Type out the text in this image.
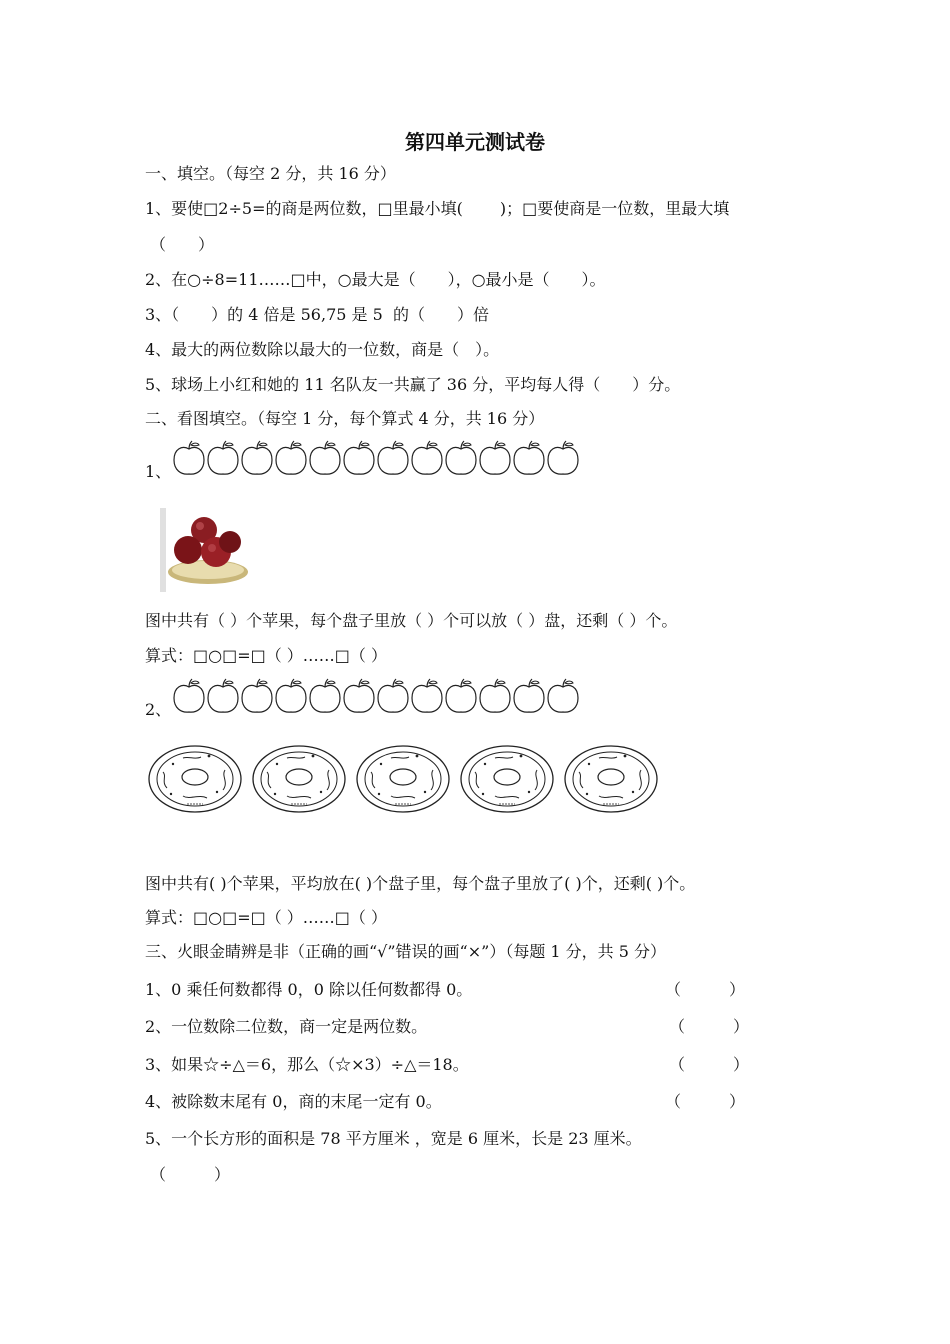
第四单元测试卷
一、填空。（每空 2 分，共 16 分）
1、要使□2÷5=的商是两位数，□里最小填(　　 )；□要使商是一位数，里最大填
（　　）
2、在○÷8=11……□中，○最大是（　　），○最小是（　　）。
3、（　　）的 4 倍是 56,75 是 5  的（　　）倍
4、最大的两位数除以最大的一位数，商是（　）。
5、球场上小红和她的 11 名队友一共赢了 36 分，平均每人得（　　）分。
二、看图填空。（每空 1 分，每个算式 4 分，共 16 分）
1、
图中共有（ ）个苹果，每个盘子里放（ ）个可以放（ ）盘，还剩（ ）个。
算式：□○□=□（ ）……□（ ）
2、
图中共有( )个苹果，平均放在( )个盘子里，每个盘子里放了( )个，还剩( )个。
算式：□○□=□（ ）……□（ ）
三、火眼金睛辨是非（正确的画“√”错误的画“×”）（每题 1 分，共 5 分）
1、0 乘任何数都得 0，0 除以任何数都得 0。	（　　　）
2、一位数除二位数，商一定是两位数。	（　　　）
3、如果☆÷△＝6，那么（☆×3）÷△＝18。	（　　　）
4、被除数末尾有 0，商的末尾一定有 0。	（　　　）
5、一个长方形的面积是 78 平方厘米 ，宽是 6 厘米，长是 23 厘米。
（　　　）
